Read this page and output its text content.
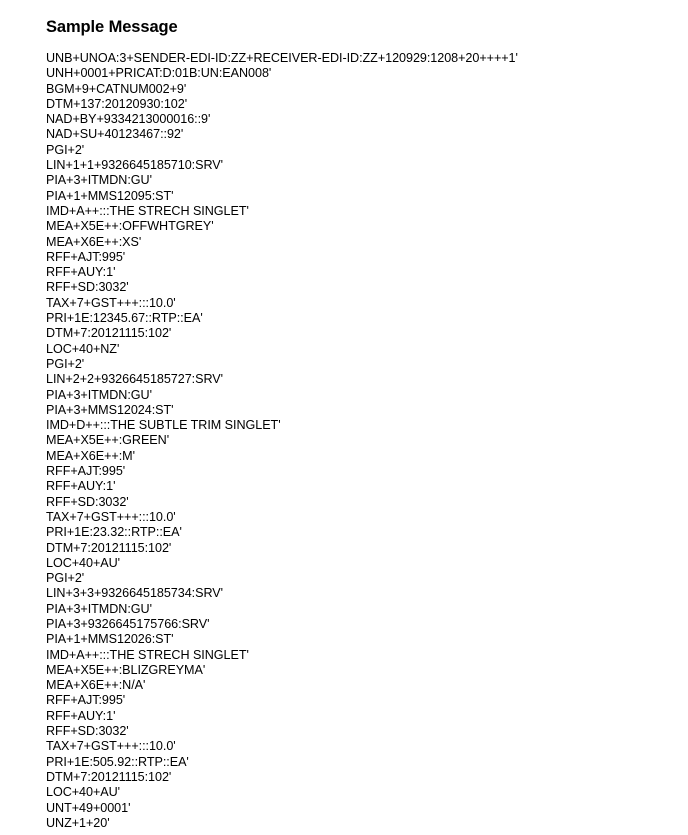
Sample Message
UNB+UNOA:3+SENDER-EDI-ID:ZZ+RECEIVER-EDI-ID:ZZ+120929:1208+20++++1'
UNH+0001+PRICAT:D:01B:UN:EAN008'
BGM+9+CATNUM002+9'
DTM+137:20120930:102'
NAD+BY+9334213000016::9'
NAD+SU+40123467::92'
PGI+2'
LIN+1+1+9326645185710:SRV'
PIA+3+ITMDN:GU'
PIA+1+MMS12095:ST'
IMD+A++:::THE STRECH SINGLET'
MEA+X5E++:OFFWHTGREY'
MEA+X6E++:XS'
RFF+AJT:995'
RFF+AUY:1'
RFF+SD:3032'
TAX+7+GST+++:::10.0'
PRI+1E:12345.67::RTP::EA'
DTM+7:20121115:102'
LOC+40+NZ'
PGI+2'
LIN+2+2+9326645185727:SRV'
PIA+3+ITMDN:GU'
PIA+3+MMS12024:ST'
IMD+D++:::THE SUBTLE TRIM SINGLET'
MEA+X5E++:GREEN'
MEA+X6E++:M'
RFF+AJT:995'
RFF+AUY:1'
RFF+SD:3032'
TAX+7+GST+++:::10.0'
PRI+1E:23.32::RTP::EA'
DTM+7:20121115:102'
LOC+40+AU'
PGI+2'
LIN+3+3+9326645185734:SRV'
PIA+3+ITMDN:GU'
PIA+3+9326645175766:SRV'
PIA+1+MMS12026:ST'
IMD+A++:::THE STRECH SINGLET'
MEA+X5E++:BLIZGREYMA'
MEA+X6E++:N/A'
RFF+AJT:995'
RFF+AUY:1'
RFF+SD:3032'
TAX+7+GST+++:::10.0'
PRI+1E:505.92::RTP::EA'
DTM+7:20121115:102'
LOC+40+AU'
UNT+49+0001'
UNZ+1+20'
